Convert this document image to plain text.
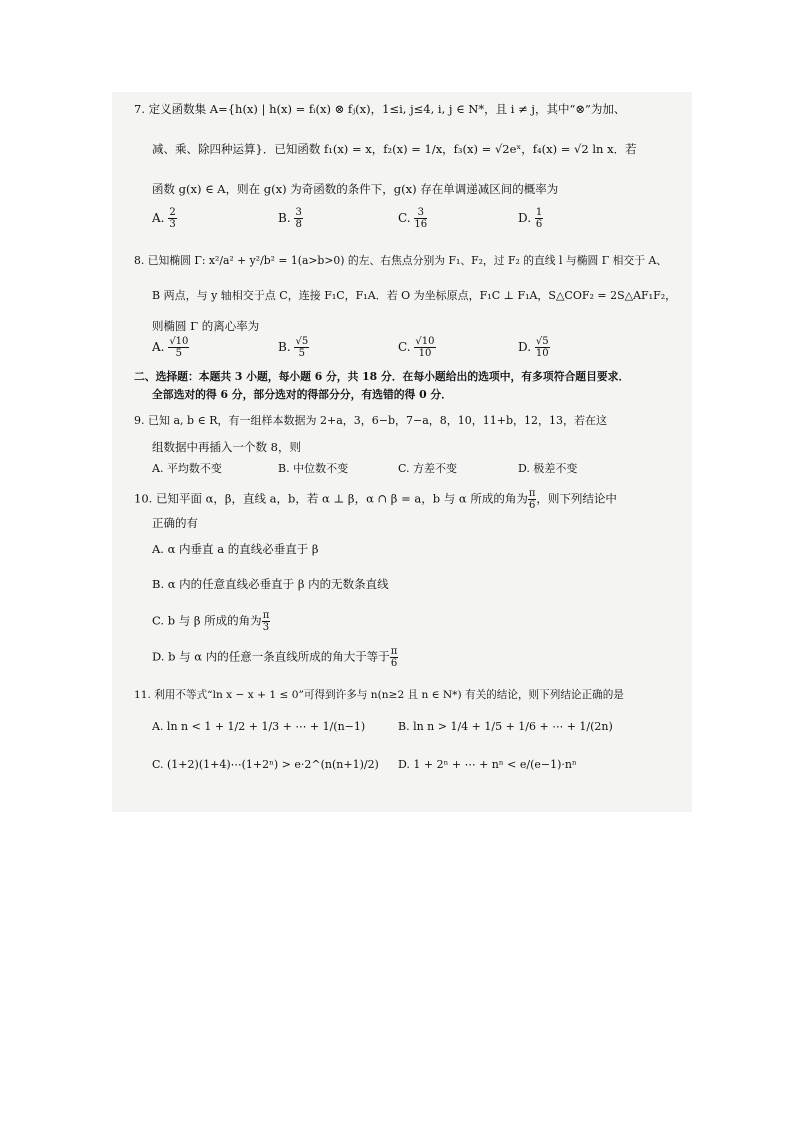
7. 定义函数集 A={h(x) | h(x) = fᵢ(x) ⊗ fⱼ(x)，1≤i, j≤4, i, j ∈ N*，且 i ≠ j，其中“⊗”为加、
减、乘、除四种运算}．已知函数 f₁(x) = x，f₂(x) = 1/x，f₃(x) = √2eˣ，f₄(x) = √2 ln x．若
函数 g(x) ∈ A，则在 g(x) 为奇函数的条件下，g(x) 存在单调递减区间的概率为
A. $\frac{2}{3}$	B. $\frac{3}{8}$	C. $\frac{3}{16}$	D. $\frac{1}{6}$
8. 已知椭圆 Γ: x²/a² + y²/b² = 1(a>b>0) 的左、右焦点分别为 F₁、F₂，过 F₂ 的直线 l 与椭圆 Γ 相交于 A、
B 两点，与 y 轴相交于点 C，连接 F₁C，F₁A．若 O 为坐标原点，F₁C ⊥ F₁A，S△COF₂ = 2S△AF₁F₂，
则椭圆 Γ 的离心率为
A. $\frac{√10}{5}$	B. $\frac{√5}{5}$	C. $\frac{√10}{10}$	D. $\frac{√5}{10}$
二、选择题：本题共 3 小题，每小题 6 分，共 18 分．在每小题给出的选项中，有多项符合题目要求．
全部选对的得 6 分，部分选对的得部分分，有选错的得 0 分．
9. 已知 a, b ∈ R，有一组样本数据为 2+a，3，6−b，7−a，8，10，11+b，12，13，若在这
组数据中再插入一个数 8，则
A. 平均数不变	B. 中位数不变	C. 方差不变	D. 极差不变
10. 已知平面 α，β，直线 a，b，若 α ⊥ β，α ∩ β = a，b 与 α 所成的角为 $\frac{\pi}{6}$ ，则下列结论中
正确的有
A. α 内垂直 a 的直线必垂直于 β
B. α 内的任意直线必垂直于 β 内的无数条直线
C. b 与 β 所成的角为 $\frac{\pi}{3}$
D. b 与 α 内的任意一条直线所成的角大于等于 $\frac{\pi}{6}$
11. 利用不等式“ln x − x + 1 ≤ 0”可得到许多与 n(n≥2 且 n ∈ N*) 有关的结论，则下列结论正确的是
A. ln n < 1 + 1/2 + 1/3 + ⋯ + 1/(n−1)	B. ln n > 1/4 + 1/5 + 1/6 + ⋯ + 1/(2n)
C. (1+2)(1+4)⋯(1+2ⁿ) > e·2^(n(n+1)/2) D. 1 + 2ⁿ + ⋯ + nⁿ < e/(e−1)·nⁿ
